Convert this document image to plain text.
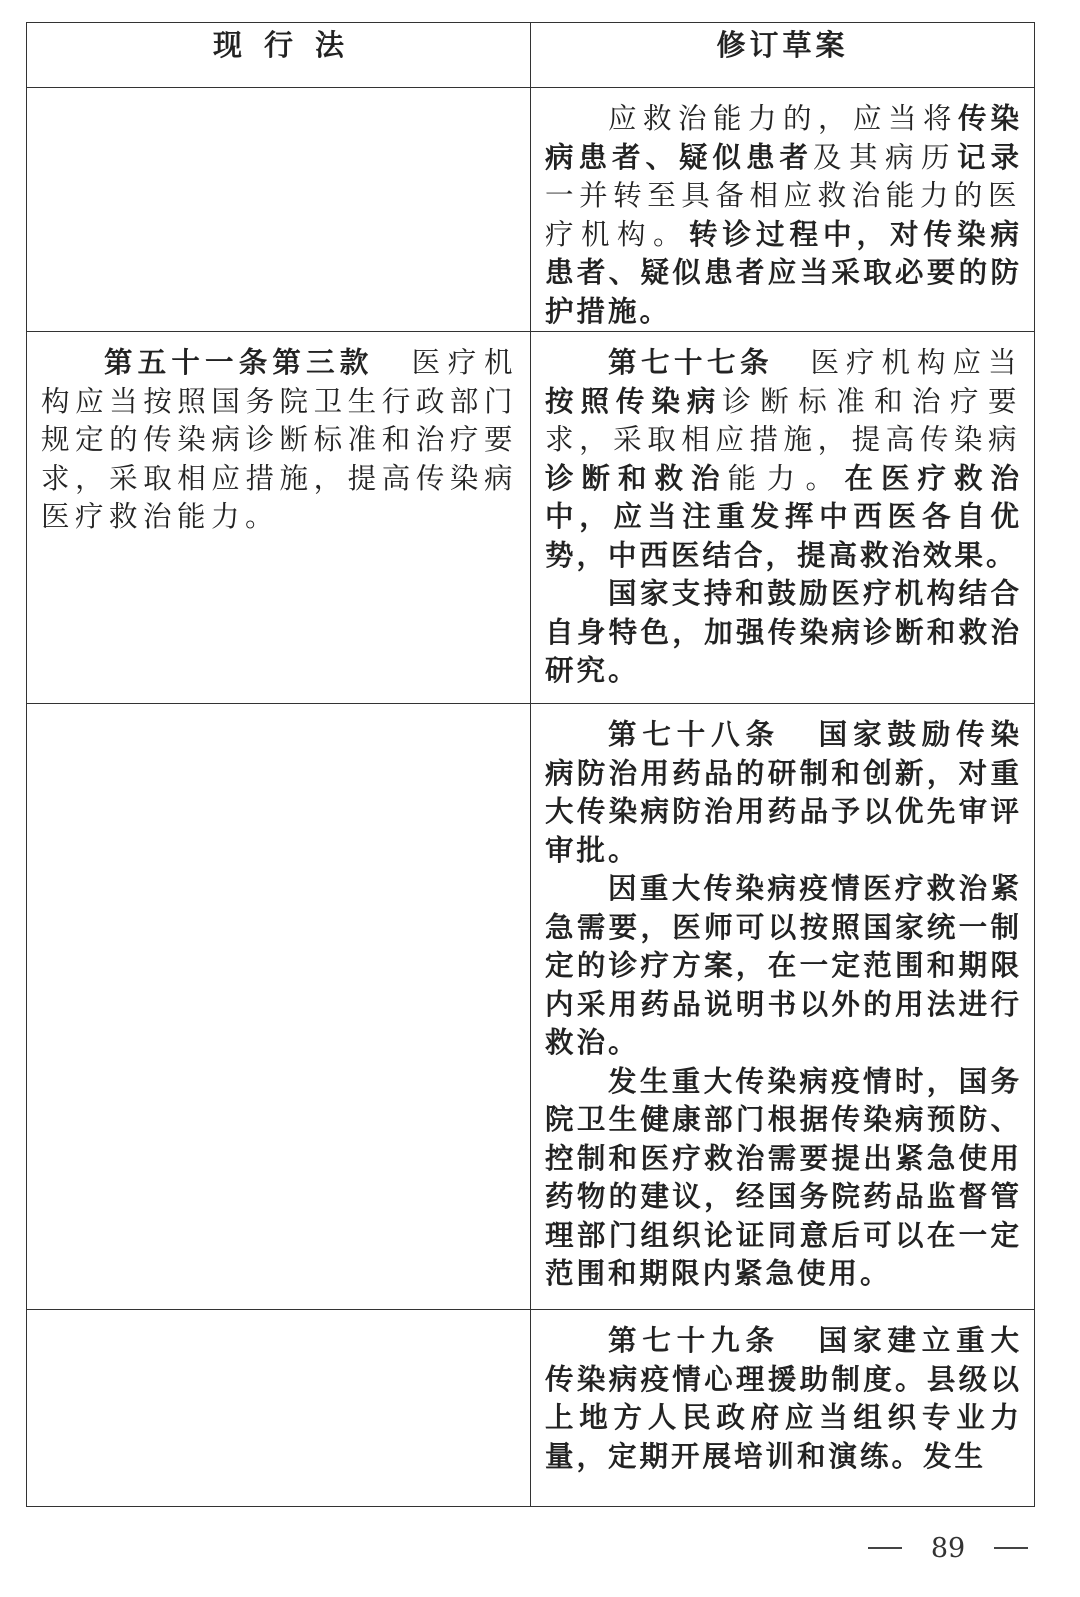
现行法	修订草案

	应救治能力的，应当将传染病患者、疑似患者及其病历记录一并转至具备相应救治能力的医疗机构。转诊过程中，对传染病患者、疑似患者应当采取必要的防护措施。

第五十一条第三款 医疗机构应当按照国务院卫生行政部门规定的传染病诊断标准和治疗要求，采取相应措施，提高传染病医疗救治能力。	第七十七条 医疗机构应当按照传染病诊断标准和治疗要求，采取相应措施，提高传染病诊断和救治能力。在医疗救治中，应当注重发挥中西医各自优势，中西医结合，提高救治效果。

国家支持和鼓励医疗机构结合自身特色，加强传染病诊断和救治研究。

	第七十八条 国家鼓励传染病防治用药品的研制和创新，对重大传染病防治用药品予以优先审评审批。

因重大传染病疫情医疗救治紧急需要，医师可以按照国家统一制定的诊疗方案，在一定范围和期限内采用药品说明书以外的用法进行救治。

发生重大传染病疫情时，国务院卫生健康部门根据传染病预防、控制和医疗救治需要提出紧急使用药物的建议，经国务院药品监督管理部门组织论证同意后可以在一定范围和期限内紧急使用。

	第七十九条 国家建立重大传染病疫情心理援助制度。县级以上地方人民政府应当组织专业力量，定期开展培训和演练。发生

89
